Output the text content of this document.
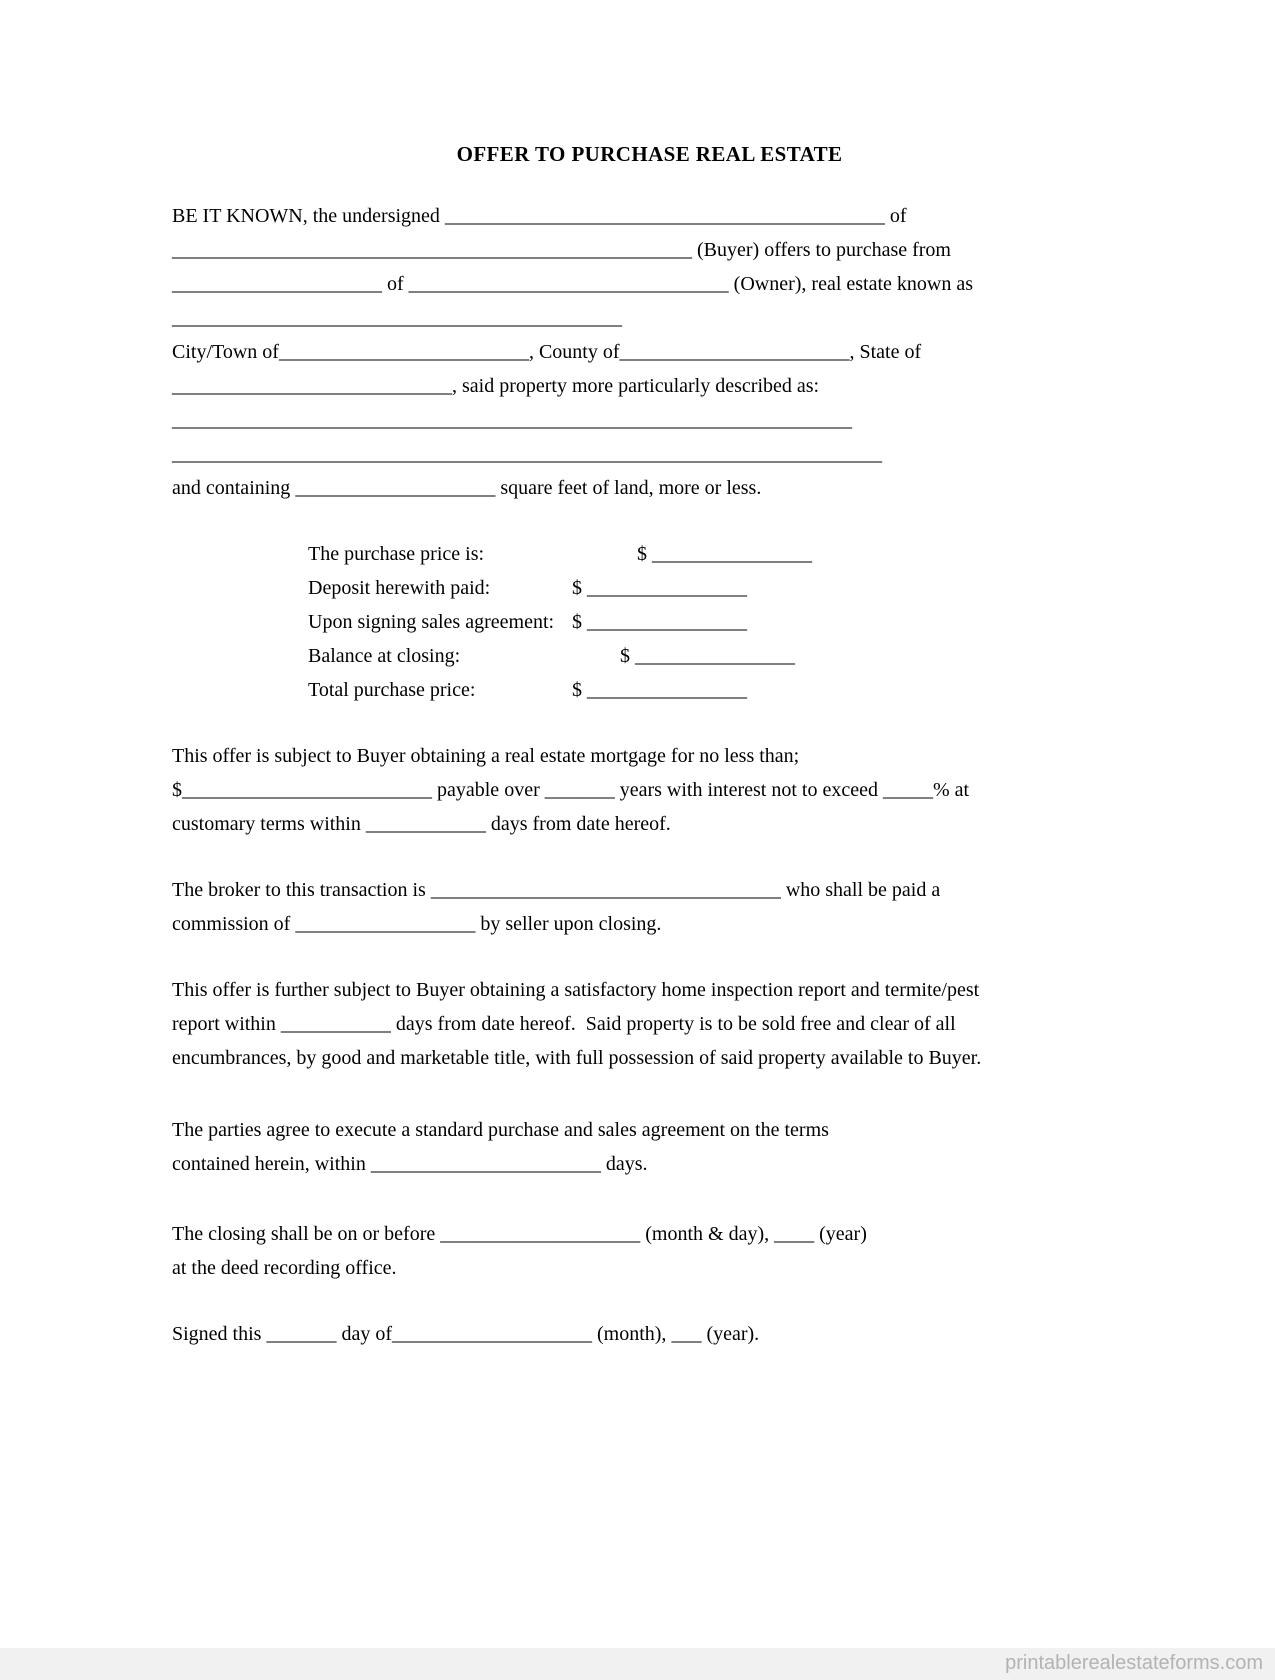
OFFER TO PURCHASE REAL ESTATE
BE IT KNOWN, the undersigned ____________________________________________ of
____________________________________________________ (Buyer) offers to purchase from
_____________________ of ________________________________ (Owner), real estate known as
_____________________________________________
City/Town of_________________________, County of_______________________, State of
____________________________, said property more particularly described as:
____________________________________________________________________
_______________________________________________________________________
and containing ____________________ square feet of land, more or less.
The purchase price is:	$ ________________
Deposit herewith paid:	$ ________________
Upon signing sales agreement: $ ________________
Balance at closing:	$ ________________
Total purchase price:	$ ________________
This offer is subject to Buyer obtaining a real estate mortgage for no less than;
$_________________________ payable over _______ years with interest not to exceed _____% at
customary terms within ____________ days from date hereof.
The broker to this transaction is ___________________________________ who shall be paid a
commission of __________________ by seller upon closing.
This offer is further subject to Buyer obtaining a satisfactory home inspection report and termite/pest
report within ___________ days from date hereof.  Said property is to be sold free and clear of all
encumbrances, by good and marketable title, with full possession of said property available to Buyer.
The parties agree to execute a standard purchase and sales agreement on the terms
contained herein, within _______________________ days.
The closing shall be on or before ____________________ (month & day), ____ (year)
at the deed recording office.
Signed this _______ day of____________________ (month), ___ (year).
printablerealestateforms.com
